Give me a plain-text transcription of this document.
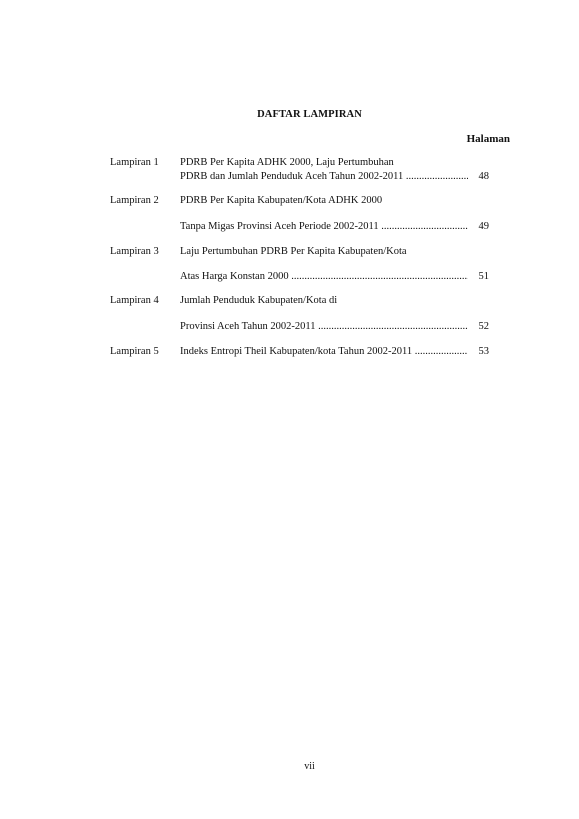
DAFTAR LAMPIRAN
Halaman
Lampiran 1 PDRB Per Kapita ADHK 2000, Laju Pertumbuhan
PDRB dan Jumlah Penduduk Aceh Tahun 2002-2011 .....	48
Lampiran 2 PDRB Per Kapita Kabupaten/Kota ADHK 2000
Tanpa Migas Provinsi Aceh Periode 2002-2011 .....	49
Lampiran 3 Laju Pertumbuhan PDRB Per Kapita Kabupaten/Kota
Atas Harga Konstan 2000 .....	51
Lampiran 4 Jumlah Penduduk Kabupaten/Kota di
Provinsi Aceh Tahun 2002-2011 .....	52
Lampiran 5 Indeks Entropi Theil Kabupaten/kota Tahun 2002-2011 .....	53
vii
